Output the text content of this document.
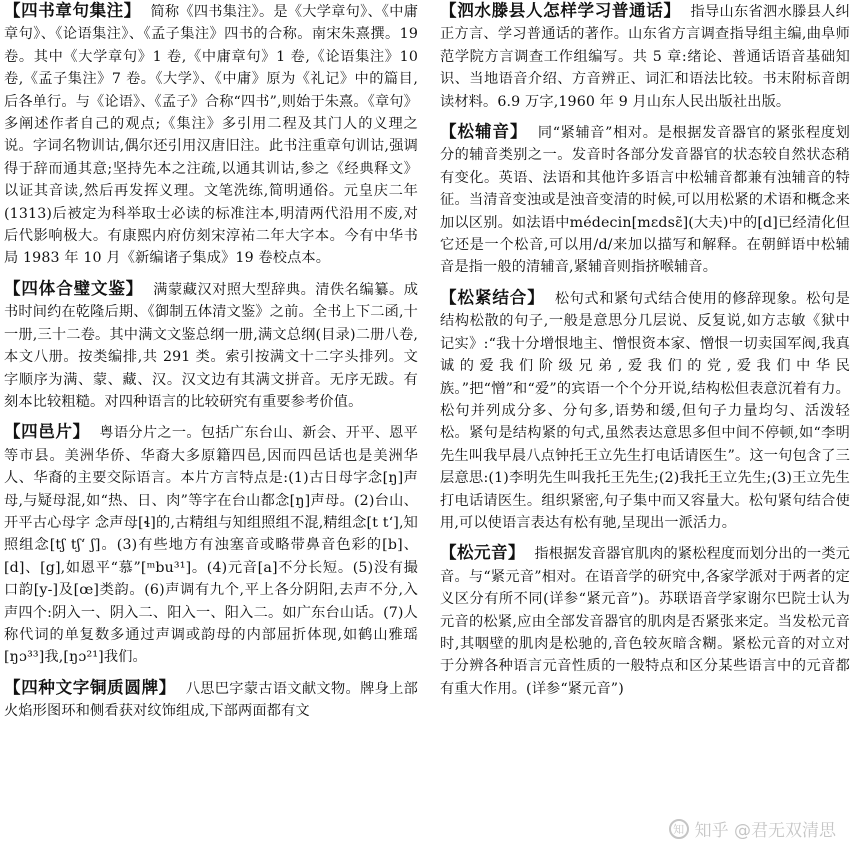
【四书章句集注】 简称《四书集注》。是《大学章句》、《中庸章句》、《论语集注》、《孟子集注》四书的合称。南宋朱熹撰。19 卷。其中《大学章句》1 卷,《中庸章句》1 卷,《论语集注》10 卷,《孟子集注》7 卷。《大学》、《中庸》原为《礼记》中的篇目,后各单行。与《论语》、《孟子》合称“四书”,则始于朱熹。《章句》多阐述作者自己的观点;《集注》多引用二程及其门人的义理之说。字词名物训诂,偶尔还引用汉唐旧注。此书注重章句训诂,强调得于辞而通其意;坚持先本之注疏,以通其训诂,参之《经典释文》以证其音读,然后再发挥义理。文笔洗练,简明通俗。元皇庆二年(1313)后被定为科举取士必读的标准注本,明清两代沿用不废,对后代影响极大。有康熙内府仿刻宋淳祐二年大字本。今有中华书局 1983 年 10 月《新编诸子集成》19 卷校点本。

【四体合璧文鉴】 满蒙藏汉对照大型辞典。清佚名编纂。成书时间约在乾隆后期、《御制五体清文鉴》之前。全书上下二函,十一册,三十二卷。其中满文文鉴总纲一册,满文总纲(目录)二册八卷,本文八册。按类编排,共 291 类。索引按满文十二字头排列。文字顺序为满、蒙、藏、汉。汉文边有其满文拼音。无序无跋。有刻本比较粗糙。对四种语言的比较研究有重要参考价值。

【四邑片】 粤语分片之一。包括广东台山、新会、开平、恩平等市县。美洲华侨、华裔大多原籍四邑,因而四邑话也是美洲华人、华裔的主要交际语言。本片方言特点是:(1)古日母字念[ŋ]声母,与疑母混,如“热、日、肉”等字在台山都念[ŋ]声母。(2)台山、开平古心母字 念声母[ɬ]的,古精组与知组照组不混,精组念[t tʻ],知照组念[tʃ tʃʻ ʃ]。(3)有些地方有浊塞音或略带鼻音色彩的[b]、[d]、[g],如恩平“慕”[ᵐbu³¹]。(4)元音[a]不分长短。(5)没有撮口韵[y-]及[œ]类韵。(6)声调有九个,平上各分阴阳,去声不分,入声四个:阴入一、阴入二、阳入一、阳入二。如广东台山话。(7)人称代词的单复数多通过声调或韵母的内部屈折体现,如鹤山雅瑶[ŋɔ³³]我,[ŋɔ²¹]我们。

【四种文字铜质圆牌】 八思巴字蒙古语文献文物。牌身上部火焰形图环和侧看获对纹饰组成,下部两面都有文

【泗水滕县人怎样学习普通话】 指导山东省泗水滕县人纠正方言、学习普通话的著作。山东省方言调查指导组主编,曲阜师范学院方言调查工作组编写。共 5 章:绪论、普通话语音基础知识、当地语音介绍、方音辨正、词汇和语法比较。书末附标音朗读材料。6.9 万字,1960 年 9 月山东人民出版社出版。

【松辅音】 同“紧辅音”相对。是根据发音器官的紧张程度划分的辅音类别之一。发音时各部分发音器官的状态较自然状态稍有变化。英语、法语和其他许多语言中松辅音都兼有浊辅音的特征。当清音变浊或是浊音变清的时候,可以用松紧的术语和概念来加以区别。如法语中médecin[mɛdsɛ̃](大夫)中的[d]已经清化但它还是一个松音,可以用/d/来加以描写和解释。在朝鲜语中松辅音是指一般的清辅音,紧辅音则指挤喉辅音。

【松紧结合】 松句式和紧句式结合使用的修辞现象。松句是结构松散的句子,一般是意思分几层说、反复说,如方志敏《狱中记实》:“我十分增恨地主、憎恨资本家、憎恨一切卖国军阀,我真诚的爱我们阶级兄弟,爱我们的党,爱我们中华民族。”把“憎”和“爱”的宾语一个个分开说,结构松但表意沉着有力。松句并列成分多、分句多,语势和缓,但句子力量均匀、活泼轻松。紧句是结构紧的句式,虽然表达意思多但中间不停顿,如“李明先生叫我早晨八点钟托王立先生打电话请医生”。这一句包含了三层意思:(1)李明先生叫我托王先生;(2)我托王立先生;(3)王立先生打电话请医生。组织紧密,句子集中而又容量大。松句紧句结合使用,可以使语言表达有松有驰,呈现出一派活力。

【松元音】 指根据发音器官肌肉的紧松程度而划分出的一类元音。与“紧元音”相对。在语音学的研究中,各家学派对于两者的定义区分有所不同(详参“紧元音”)。苏联语音学家谢尔巴院士认为元音的松紧,应由全部发音器官的肌肉是否紧张来定。当发松元音时,其咽壁的肌肉是松驰的,音色较灰暗含糊。紧松元音的对立对于分辨各种语言元音性质的一般特点和区分某些语言中的元音都有重大作用。(详参“紧元音”)

知 知乎 @君无双清思
